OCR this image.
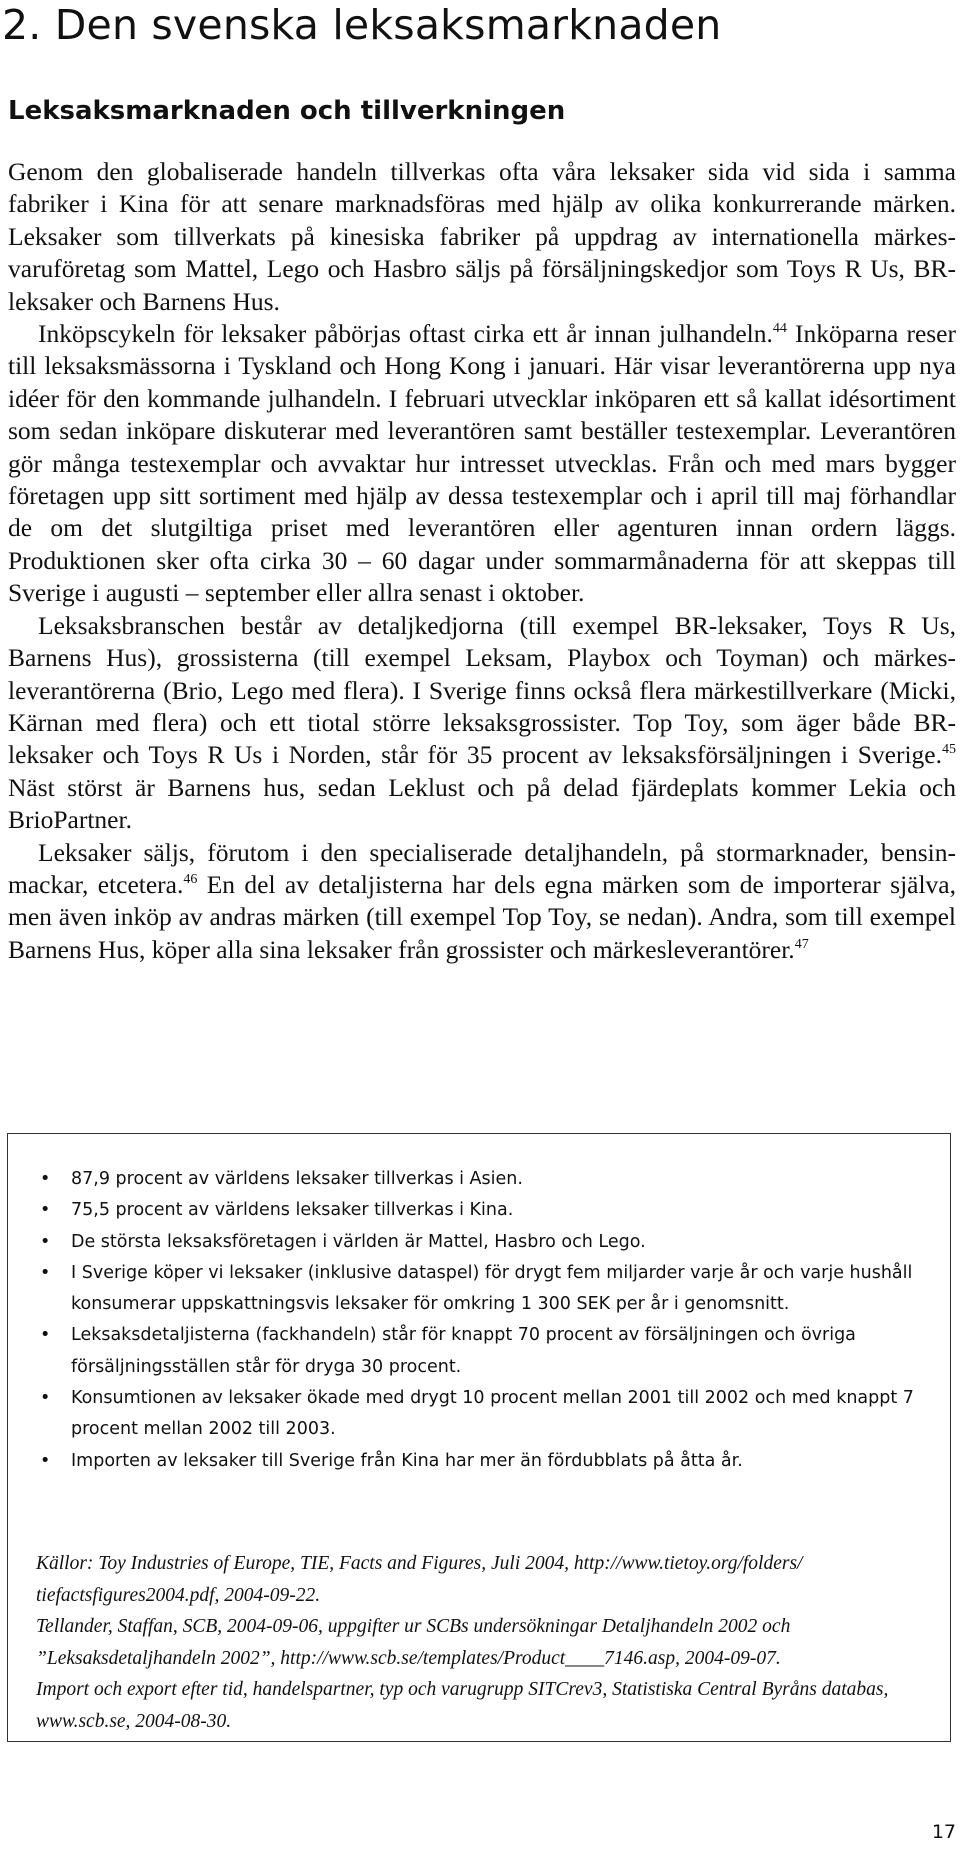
2. Den svenska leksaksmarknaden
Leksaksmarknaden och tillverkningen

Genom den globaliserade handeln tillverkas ofta våra leksaker sida vid sida i samma fabriker i Kina för att senare marknadsföras med hjälp av olika konkurrerande märken. Leksaker som tillverkats på kinesiska fabriker på uppdrag av internationella märkesvaruföretag som Mattel, Lego och Hasbro säljs på försäljningskedjor som Toys R Us, BR-leksaker och Barnens Hus.

Inköpscykeln för leksaker påbörjas oftast cirka ett år innan julhandeln.$^{44}$ Inköparna reser till leksaksmässorna i Tyskland och Hong Kong i januari. Här visar leverantörerna upp nya idéer för den kommande julhandeln. I februari utvecklar inköparen ett så kallat idésortiment som sedan inköpare diskuterar med leverantören samt beställer testexemplar. Leverantören gör många testexemplar och avvaktar hur intresset utvecklas. Från och med mars bygger företagen upp sitt sortiment med hjälp av dessa testexemplar och i april till maj förhandlar de om det slutgiltiga priset med leverantören eller agenturen innan ordern läggs. Produktionen sker ofta cirka 30 – 60 dagar under sommarmånaderna för att skeppas till Sverige i augusti – september eller allra senast i oktober.

Leksaksbranschen består av detaljkedjorna (till exempel BR-leksaker, Toys R Us, Barnens Hus), grossisterna (till exempel Leksam, Playbox och Toyman) och märkesleverantörerna (Brio, Lego med flera). I Sverige finns också flera märkestillverkare (Micki, Kärnan med flera) och ett tiotal större leksaksgrossister. Top Toy, som äger både BR-leksaker och Toys R Us i Norden, står för 35 procent av leksaksförsäljningen i Sverige.$^{45}$ Näst störst är Barnens hus, sedan Leklust och på delad fjärdeplats kommer Lekia och BrioPartner.

Leksaker säljs, förutom i den specialiserade detaljhandeln, på stormarknader, bensinmackar, etcetera.$^{46}$ En del av detaljisterna har dels egna märken som de importerar själva, men även inköp av andras märken (till exempel Top Toy, se nedan). Andra, som till exempel Barnens Hus, köper alla sina leksaker från grossister och märkesleverantörer.$^{47}$

• 87,9 procent av världens leksaker tillverkas i Asien.
• 75,5 procent av världens leksaker tillverkas i Kina.
• De största leksaksföretagen i världen är Mattel, Hasbro och Lego.
• I Sverige köper vi leksaker (inklusive dataspel) för drygt fem miljarder varje år och varje hushåll konsumerar uppskattningsvis leksaker för omkring 1 300 SEK per år i genomsnitt.
• Leksaksdetaljisterna (fackhandeln) står för knappt 70 procent av försäljningen och övriga försäljningsställen står för dryga 30 procent.
• Konsumtionen av leksaker ökade med drygt 10 procent mellan 2001 till 2002 och med knappt 7 procent mellan 2002 till 2003.
• Importen av leksaker till Sverige från Kina har mer än fördubblats på åtta år.
Källor: Toy Industries of Europe, TIE, Facts and Figures, Juli 2004, http://www.tietoy.org/folders/ tiefactsfigures2004.pdf, 2004-09-22.
Tellander, Staffan, SCB, 2004-09-06, uppgifter ur SCBs undersökningar Detaljhandeln 2002 och ”Leksaksdetaljhandeln 2002”, http://www.scb.se/templates/Product____7146.asp, 2004-09-07.
Import och export efter tid, handelspartner, typ och varugrupp SITCrev3, Statistiska Central Byråns databas, www.scb.se, 2004-08-30.
17
